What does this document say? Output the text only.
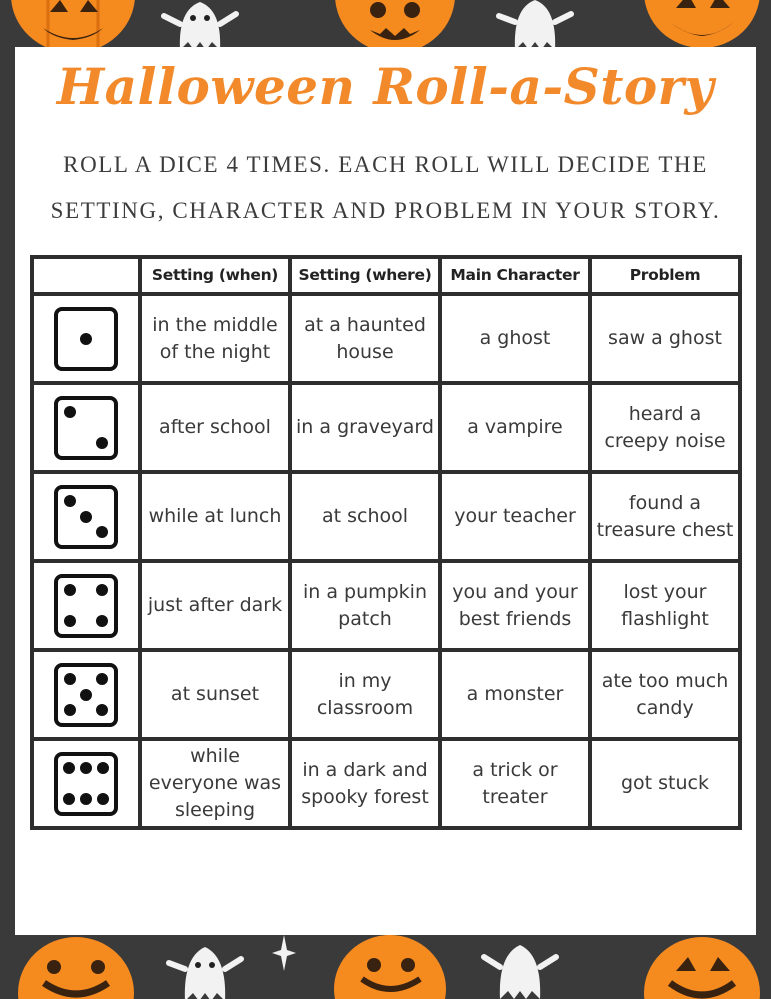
Halloween Roll-a-Story
ROLL A DICE 4 TIMES. EACH ROLL WILL DECIDE THE
SETTING, CHARACTER AND PROBLEM IN YOUR STORY.
	Setting (when)	Setting (where)	Main Character	Problem

	in the middle of the night	at a haunted house	a ghost	saw a ghost

	after school	in a graveyard	a vampire	heard a creepy noise

	while at lunch	at school	your teacher	found a treasure chest

	just after dark	in a pumpkin patch	you and your best friends	lost your flashlight

	at sunset	in my classroom	a monster	ate too much candy

	while everyone was sleeping	in a dark and spooky forest	a trick or treater	got stuck
